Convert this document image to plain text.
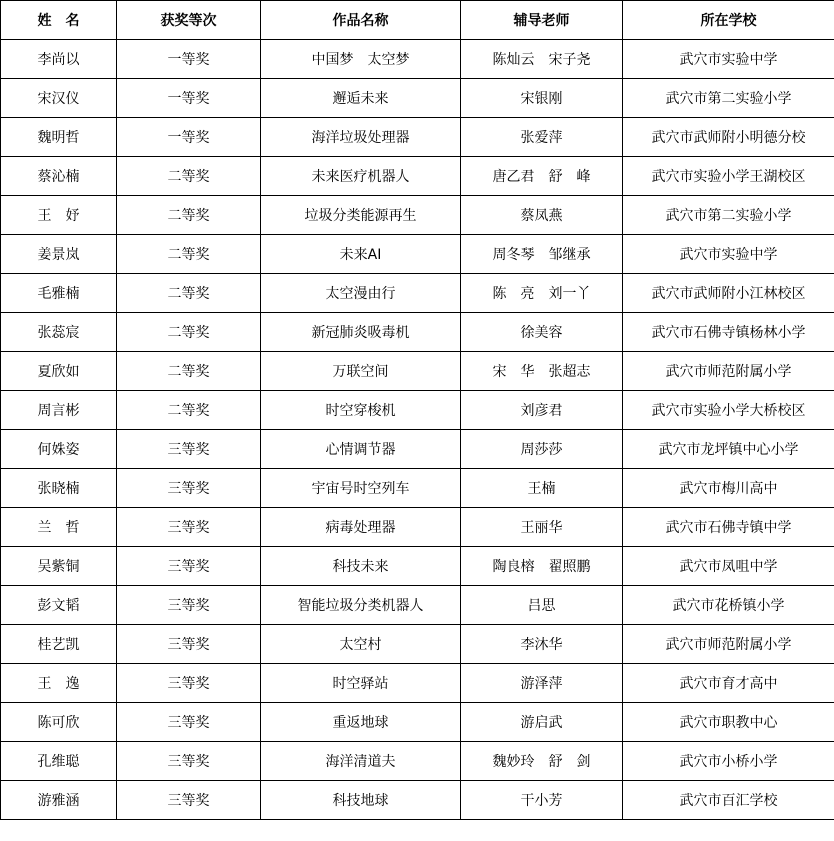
姓　名	获奖等次	作品名称	辅导老师	所在学校
李尚以	一等奖	中国梦　太空梦	陈灿云　宋子尧	武穴市实验中学
宋汉仪	一等奖	邂逅未来	宋银刚	武穴市第二实验小学
魏明哲	一等奖	海洋垃圾处理器	张爱萍	武穴市武师附小明德分校
蔡沁楠	二等奖	未来医疗机器人	唐乙君　舒　峰	武穴市实验小学王湖校区
王　妤	二等奖	垃圾分类能源再生	蔡凤燕	武穴市第二实验小学
姜景岚	二等奖	未来AI	周冬琴　邹继承	武穴市实验中学
毛雅楠	二等奖	太空漫由行	陈　亮　刘一丫	武穴市武师附小江林校区
张蕊宸	二等奖	新冠肺炎吸毒机	徐美容	武穴市石佛寺镇杨林小学
夏欣如	二等奖	万联空间	宋　华　张超志	武穴市师范附属小学
周言彬	二等奖	时空穿梭机	刘彦君	武穴市实验小学大桥校区
何姝姿	三等奖	心情调节器	周莎莎	武穴市龙坪镇中心小学
张晓楠	三等奖	宇宙号时空列车	王楠	武穴市梅川高中
兰　哲	三等奖	病毒处理器	王丽华	武穴市石佛寺镇中学
吴紫铜	三等奖	科技未来	陶良榕　翟照鹏	武穴市凤咀中学
彭文韬	三等奖	智能垃圾分类机器人	吕思	武穴市花桥镇小学
桂艺凯	三等奖	太空村	李沐华	武穴市师范附属小学
王　逸	三等奖	时空驿站	游泽萍	武穴市育才高中
陈可欣	三等奖	重返地球	游启武	武穴市职教中心
孔维聪	三等奖	海洋清道夫	魏妙玲　舒　剑	武穴市小桥小学
游雅涵	三等奖	科技地球	干小芳	武穴市百汇学校
